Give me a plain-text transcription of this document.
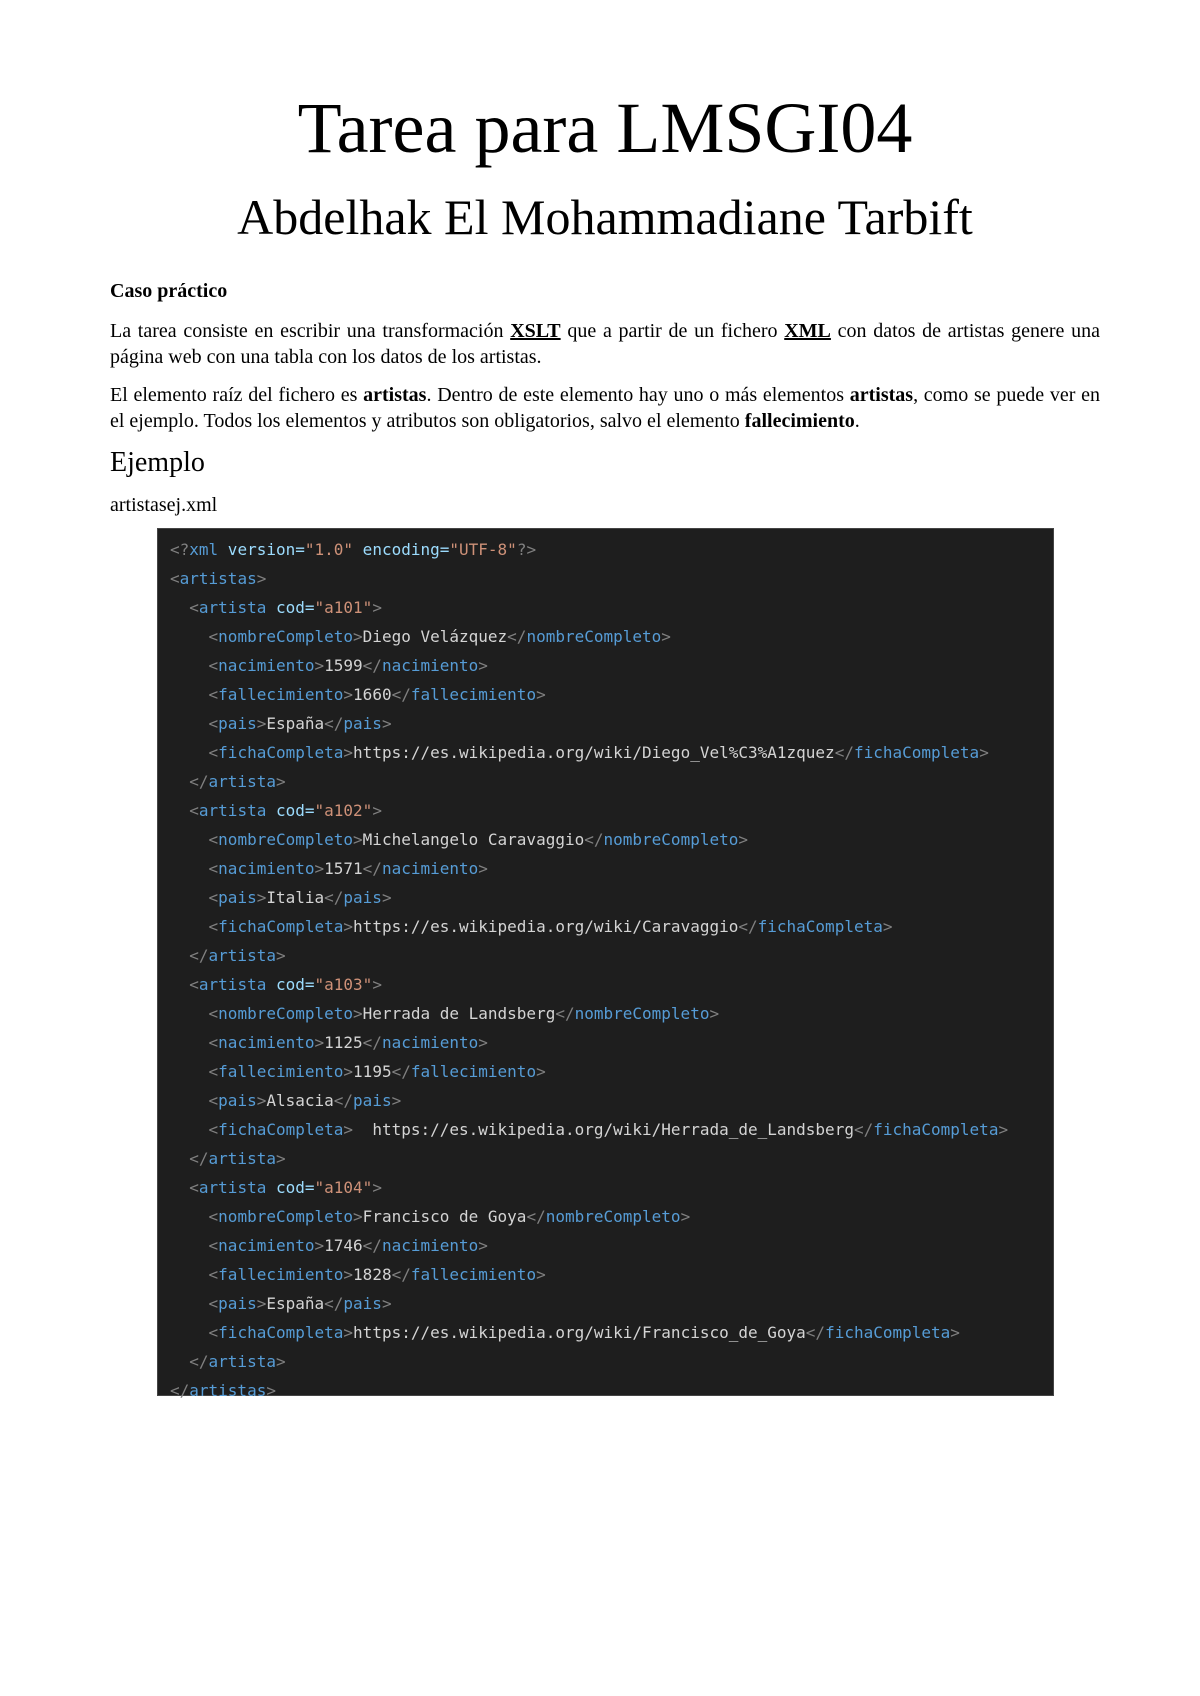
Tarea para LMSGI04
Abdelhak El Mohammadiane Tarbift
Caso práctico

La tarea consiste en escribir una transformación XSLT que a partir de un fichero XML con datos de artistas genere una página web con una tabla con los datos de los artistas.

El elemento raíz del fichero es artistas. Dentro de este elemento hay uno o más elementos artistas, como se puede ver en el ejemplo. Todos los elementos y atributos son obligatorios, salvo el elemento fallecimiento.

Ejemplo
artistasej.xml
<?xml version="1.0" encoding="UTF-8"?>
<artistas>
<artista cod="a101">
<nombreCompleto>Diego Velázquez</nombreCompleto>
<nacimiento>1599</nacimiento>
<fallecimiento>1660</fallecimiento>
<pais>España</pais>
<fichaCompleta>https://es.wikipedia.org/wiki/Diego_Vel%C3%A1zquez</fichaCompleta>
</artista>
<artista cod="a102">
<nombreCompleto>Michelangelo Caravaggio</nombreCompleto>
<nacimiento>1571</nacimiento>
<pais>Italia</pais>
<fichaCompleta>https://es.wikipedia.org/wiki/Caravaggio</fichaCompleta>
</artista>
<artista cod="a103">
<nombreCompleto>Herrada de Landsberg</nombreCompleto>
<nacimiento>1125</nacimiento>
<fallecimiento>1195</fallecimiento>
<pais>Alsacia</pais>
<fichaCompleta>  https://es.wikipedia.org/wiki/Herrada_de_Landsberg</fichaCompleta>
</artista>
<artista cod="a104">
<nombreCompleto>Francisco de Goya</nombreCompleto>
<nacimiento>1746</nacimiento>
<fallecimiento>1828</fallecimiento>
<pais>España</pais>
<fichaCompleta>https://es.wikipedia.org/wiki/Francisco_de_Goya</fichaCompleta>
</artista>
</artistas>
